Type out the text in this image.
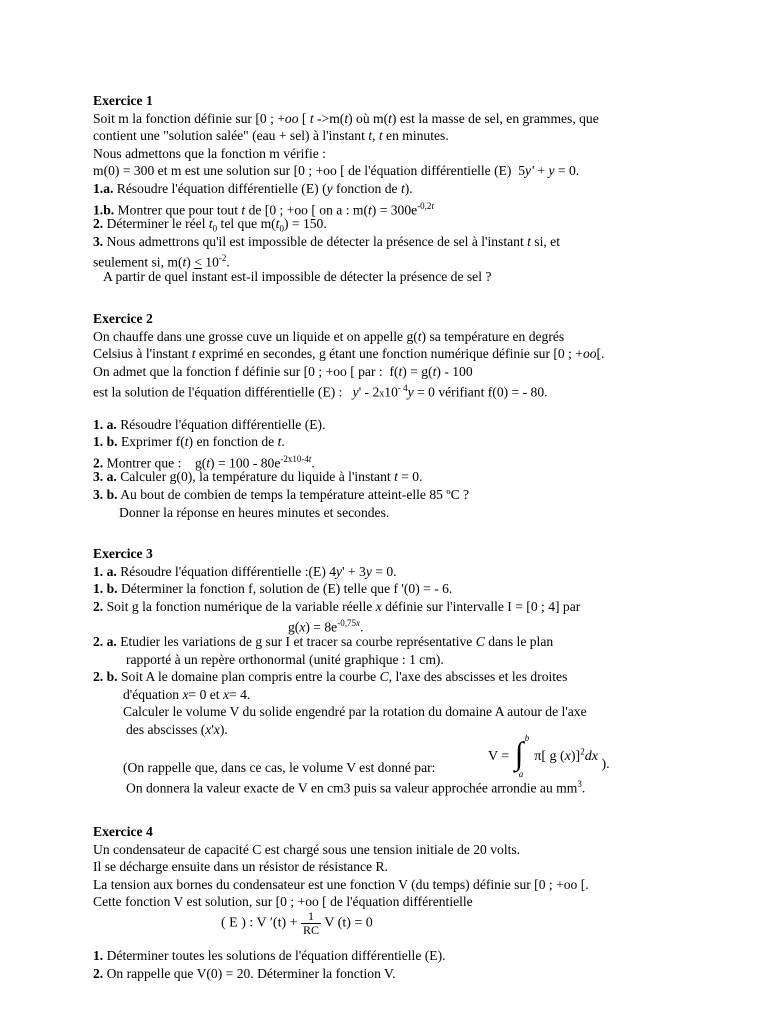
Exercice 1
Soit m la fonction définie sur [0 ; +oo [ t ->m(t) où m(t) est la masse de sel, en grammes, que
contient une "solution salée" (eau + sel) à l'instant t, t en minutes.
Nous admettons que la fonction m vérifie :
m(0) = 300 et m est une solution sur [0 ; +oo [ de l'équation différentielle (E)  5y' + y = 0.
1.a. Résoudre l'équation différentielle (E) (y fonction de t).
1.b. Montrer que pour tout t de [0 ; +oo [ on a : $m(t) = 300e^{-0,2t}$
2. Déterminer le réel $t_0$ tel que $m(t_0) = 150$.
3. Nous admettrons qu'il est impossible de détecter la présence de sel à l'instant t si, et
seulement si, $m(t) < 10^{-2}$.
A partir de quel instant est-il impossible de détecter la présence de sel ?
Exercice 2
On chauffe dans une grosse cuve un liquide et on appelle g(t) sa température en degrés
Celsius à l'instant t exprimé en secondes, g étant une fonction numérique définie sur [0 ; +oo[.
On admet que la fonction f définie sur [0 ; +oo [ par :  f(t) = g(t) - 100
est la solution de l'équation différentielle (E) :   $y' - 2x10^{- 4}y = 0$ vérifiant f(0) = - 80.
1. a. Résoudre l'équation différentielle (E).
1. b. Exprimer f(t) en fonction de t.
2. Montrer que :    $g(t) = 100 - 80e^{-2x10-4t}$.
3. a. Calculer g(0), la température du liquide à l'instant t = 0.
3. b. Au bout de combien de temps la température atteint-elle 85 ºC ?
Donner la réponse en heures minutes et secondes.
Exercice 3
1. a. Résoudre l'équation différentielle :(E) 4y' + 3y = 0.
1. b. Déterminer la fonction f, solution de (E) telle que f '(0) = - 6.
2. Soit g la fonction numérique de la variable réelle x définie sur l'intervalle I = [0 ; 4] par
$g(x) = 8e^{-0,75x}$.
2. a. Etudier les variations de g sur I et tracer sa courbe représentative C dans le plan
rapporté à un repère orthonormal (unité graphique : 1 cm).
2. b. Soit A le domaine plan compris entre la courbe C, l'axe des abscisses et les droites
d'équation x= 0 et x= 4.
Calculer le volume V du solide engendré par la rotation du domaine A autour de l'axe
des abscisses (x'x).
(On rappelle que, dans ce cas, le volume V est donné par:
On donnera la valeur exacte de V en cm3 puis sa valeur approchée arrondie au $mm^3$.
V = ∫ b
a
π[ g (x)]$^2$dx ).
Exercice 4
Un condensateur de capacité C est chargé sous une tension initiale de 20 volts.
Il se décharge ensuite dans un résistor de résistance R.
La tension aux bornes du condensateur est une fonction V (du temps) définie sur [0 ; +oo [.
Cette fonction V est solution, sur [0 ; +oo [ de l'équation différentielle
1. Déterminer toutes les solutions de l'équation différentielle (E).
2. On rappelle que V(0) = 20. Déterminer la fonction V.
( E ) : V $'(t) + \frac{1}{RC}$ V (t) = 0
